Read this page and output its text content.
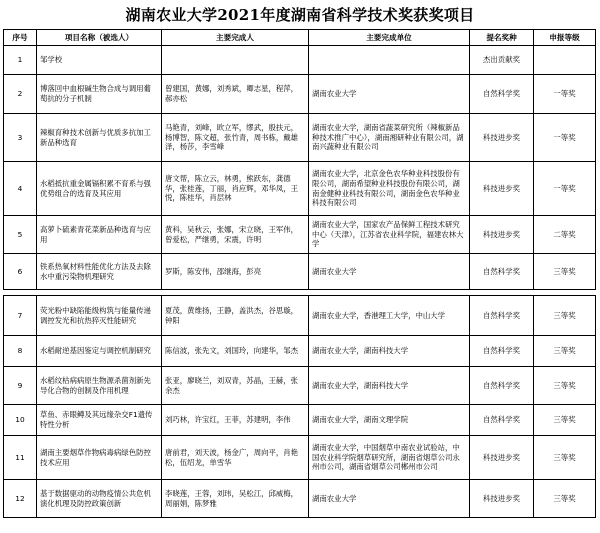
湖南农业大学2021年度湖南省科学技术奖获奖项目
序号	项目名称（被选人）	主要完成人	主要完成单位	提名奖种	申报等级
1	邹学校			杰出贡献奖	
2	博落回中血根碱生物合成与调用葡萄抗的分子机制	曾建国，黄娜，刘秀斌，卿志星，程萍，郝亦松	湖南农业大学	自然科学奖	一等奖
3	辣椒育种技术创新与优质多抗加工新品种选育	马艳青，刘峰，欧立军，缪武，殷扶元，杨博智，陈文超，张竹青，周书栋，戴雄泽，杨莎，李雪峰	湖南农业大学，湖南省蔬菜研究所（辣椒新品种技术推广中心），湖南湘研种业有限公司，湖南兴蔬种业有限公司	科技进步奖	一等奖
4	水稻抵抗重金属镉积累不育系与强优势组合的选育及其应用	唐文帮，陈立云，林勇，熊跃东，龚德华，张桂莲，丁丽，肖应辉，邓华凤，王悦，陈桂华，肖层林	湖南农业大学，北京金色农华种业科技股份有限公司，湖南希望种业科技股份有限公司，湖南金健种业科技有限公司，湖南金色农华种业科技有限公司	科技进步奖	一等奖
5	高萝卜硫素青花菜新品种选育与应用	黄科，吴秋云，张娜，宋立晓，王军伟，曾爱松，严继勇，宋震，许明	湖南农业大学，国家农产品保鲜工程技术研究中心（天津），江苏省农业科学院，福建农林大学	科技进步奖	二等奖
6	铁系热氧材料性能优化方法及去除水中重污染物机理研究	罗斯，陈安伟，邵继海，彭亮	湖南农业大学	自然科学奖	三等奖

7	荧光粉中缺陷能级构筑与能量传递调控发光和抗热猝灭性能研究	夏茂，黄维扬，王静，盖洪杰，谷思璇，钟阳	湖南农业大学，香港理工大学，中山大学	自然科学奖	三等奖
8	水稻耐逆基因鉴定与调控机制研究	陈信波，张先文，刘国玲，向建华，邹杰	湖南农业大学，湖南科技大学	自然科学奖	三等奖
9	水稻纹枯病病原生物源杀菌剂新先导化合物的创制及作用机理	张亚，廖晓兰，刘双青，苏晶，王赫，张余杰	湖南农业大学，湖南科技大学	自然科学奖	三等奖
10	草鱼、赤眼鳟及其远缘杂交F1遗传特性分析	刘巧林，许宝红，王菲，苏建明，李伟	湖南农业大学，湖南文理学院	自然科学奖	三等奖
11	湖南主要烟草作物病毒病绿色防控技术应用	唐前君，刘天波，杨金广，周向平，肖艳松，伍绍龙，单雪华	湖南农业大学，中国烟草中南农业试验站，中国农业科学院烟草研究所，湖南省烟草公司永州市公司，湖南省烟草公司郴州市公司	科技进步奖	三等奖
12	基于数据驱动的动物疫情公共危机演化机理及防控政策创新	李晓莲，王蓉，刘玮，吴松江，邱威梅，周丽娟，陈梦雅	湖南农业大学	科技进步奖	三等奖
